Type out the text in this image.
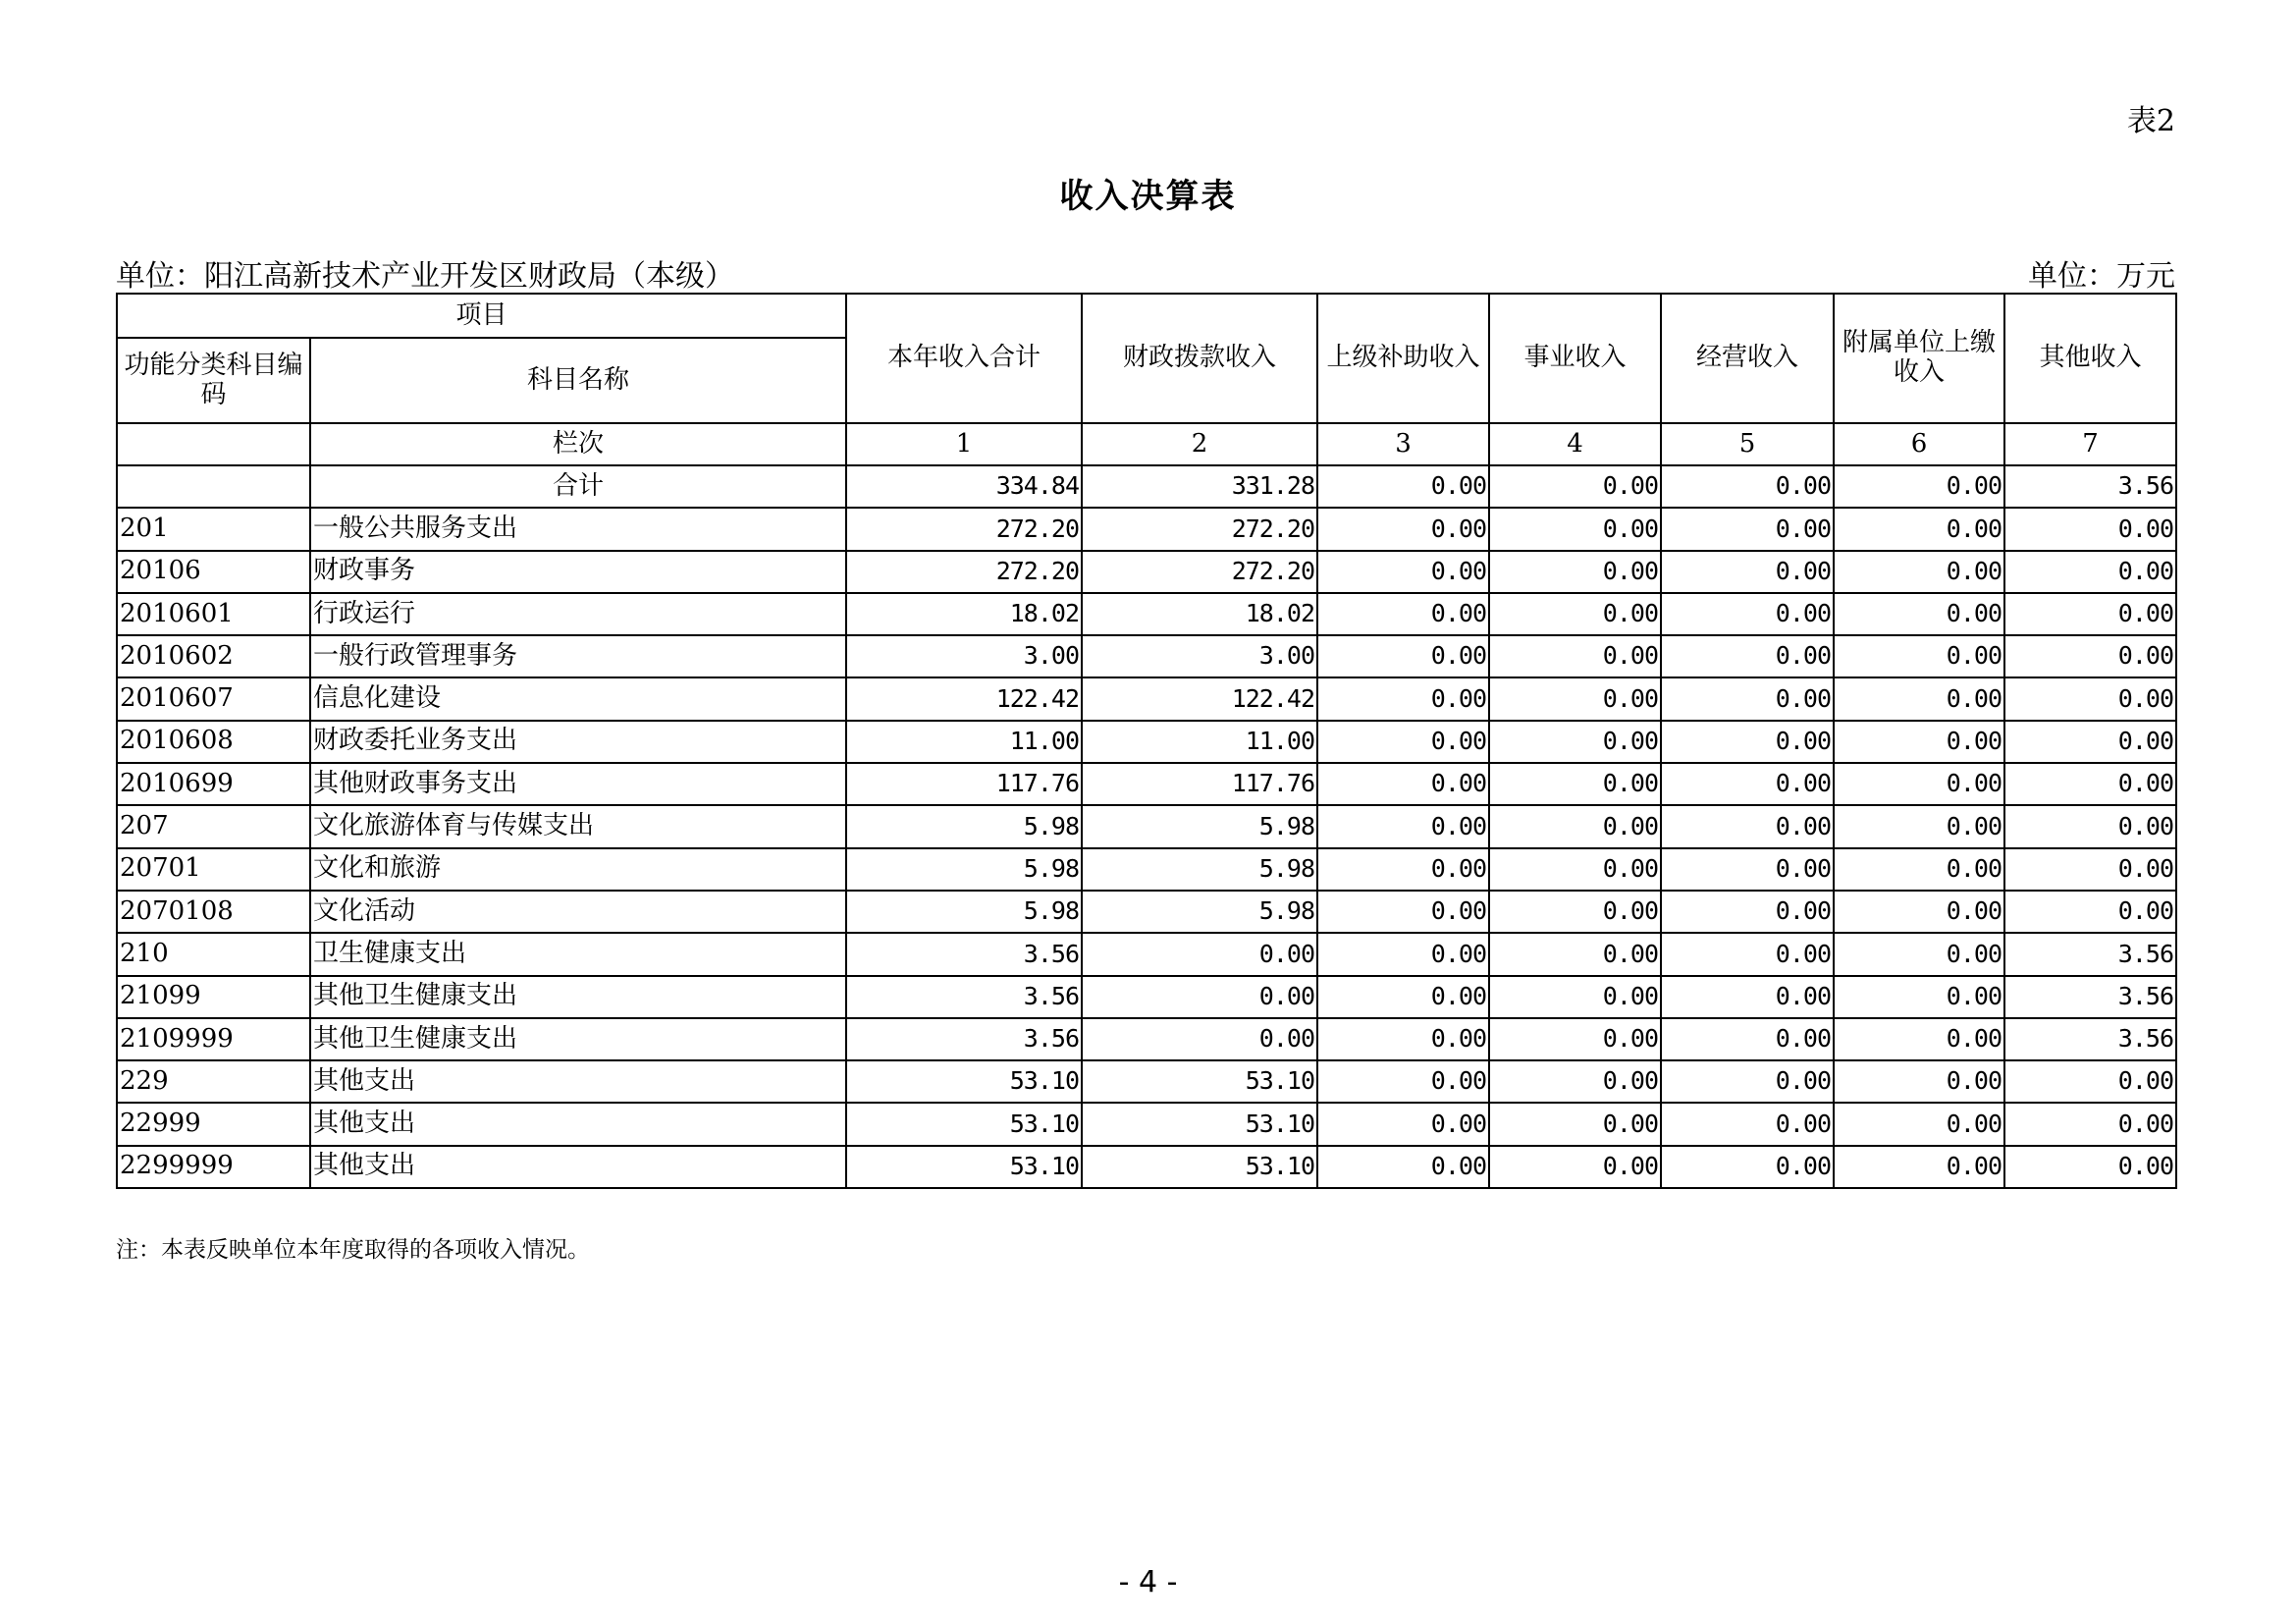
表2
收入决算表
单位：阳江高新技术产业开发区财政局（本级）	单位：万元
项目		本年收入合计	财政拨款收入	上级补助收入	事业收入	经营收入	附属单位上缴收入	其他收入
功能分类科目编码	科目名称							
	栏次	1	2	3	4	5	6	7
	合计	334.84	331.28	0.00	0.00	0.00	0.00	3.56
201	一般公共服务支出	272.20	272.20	0.00	0.00	0.00	0.00	0.00
20106	财政事务	272.20	272.20	0.00	0.00	0.00	0.00	0.00
2010601	行政运行	18.02	18.02	0.00	0.00	0.00	0.00	0.00
2010602	一般行政管理事务	3.00	3.00	0.00	0.00	0.00	0.00	0.00
2010607	信息化建设	122.42	122.42	0.00	0.00	0.00	0.00	0.00
2010608	财政委托业务支出	11.00	11.00	0.00	0.00	0.00	0.00	0.00
2010699	其他财政事务支出	117.76	117.76	0.00	0.00	0.00	0.00	0.00
207	文化旅游体育与传媒支出	5.98	5.98	0.00	0.00	0.00	0.00	0.00
20701	文化和旅游	5.98	5.98	0.00	0.00	0.00	0.00	0.00
2070108	文化活动	5.98	5.98	0.00	0.00	0.00	0.00	0.00
210	卫生健康支出	3.56	0.00	0.00	0.00	0.00	0.00	3.56
21099	其他卫生健康支出	3.56	0.00	0.00	0.00	0.00	0.00	3.56
2109999	其他卫生健康支出	3.56	0.00	0.00	0.00	0.00	0.00	3.56
229	其他支出	53.10	53.10	0.00	0.00	0.00	0.00	0.00
22999	其他支出	53.10	53.10	0.00	0.00	0.00	0.00	0.00
2299999	其他支出	53.10	53.10	0.00	0.00	0.00	0.00	0.00
注：本表反映单位本年度取得的各项收入情况。
- 4 -
